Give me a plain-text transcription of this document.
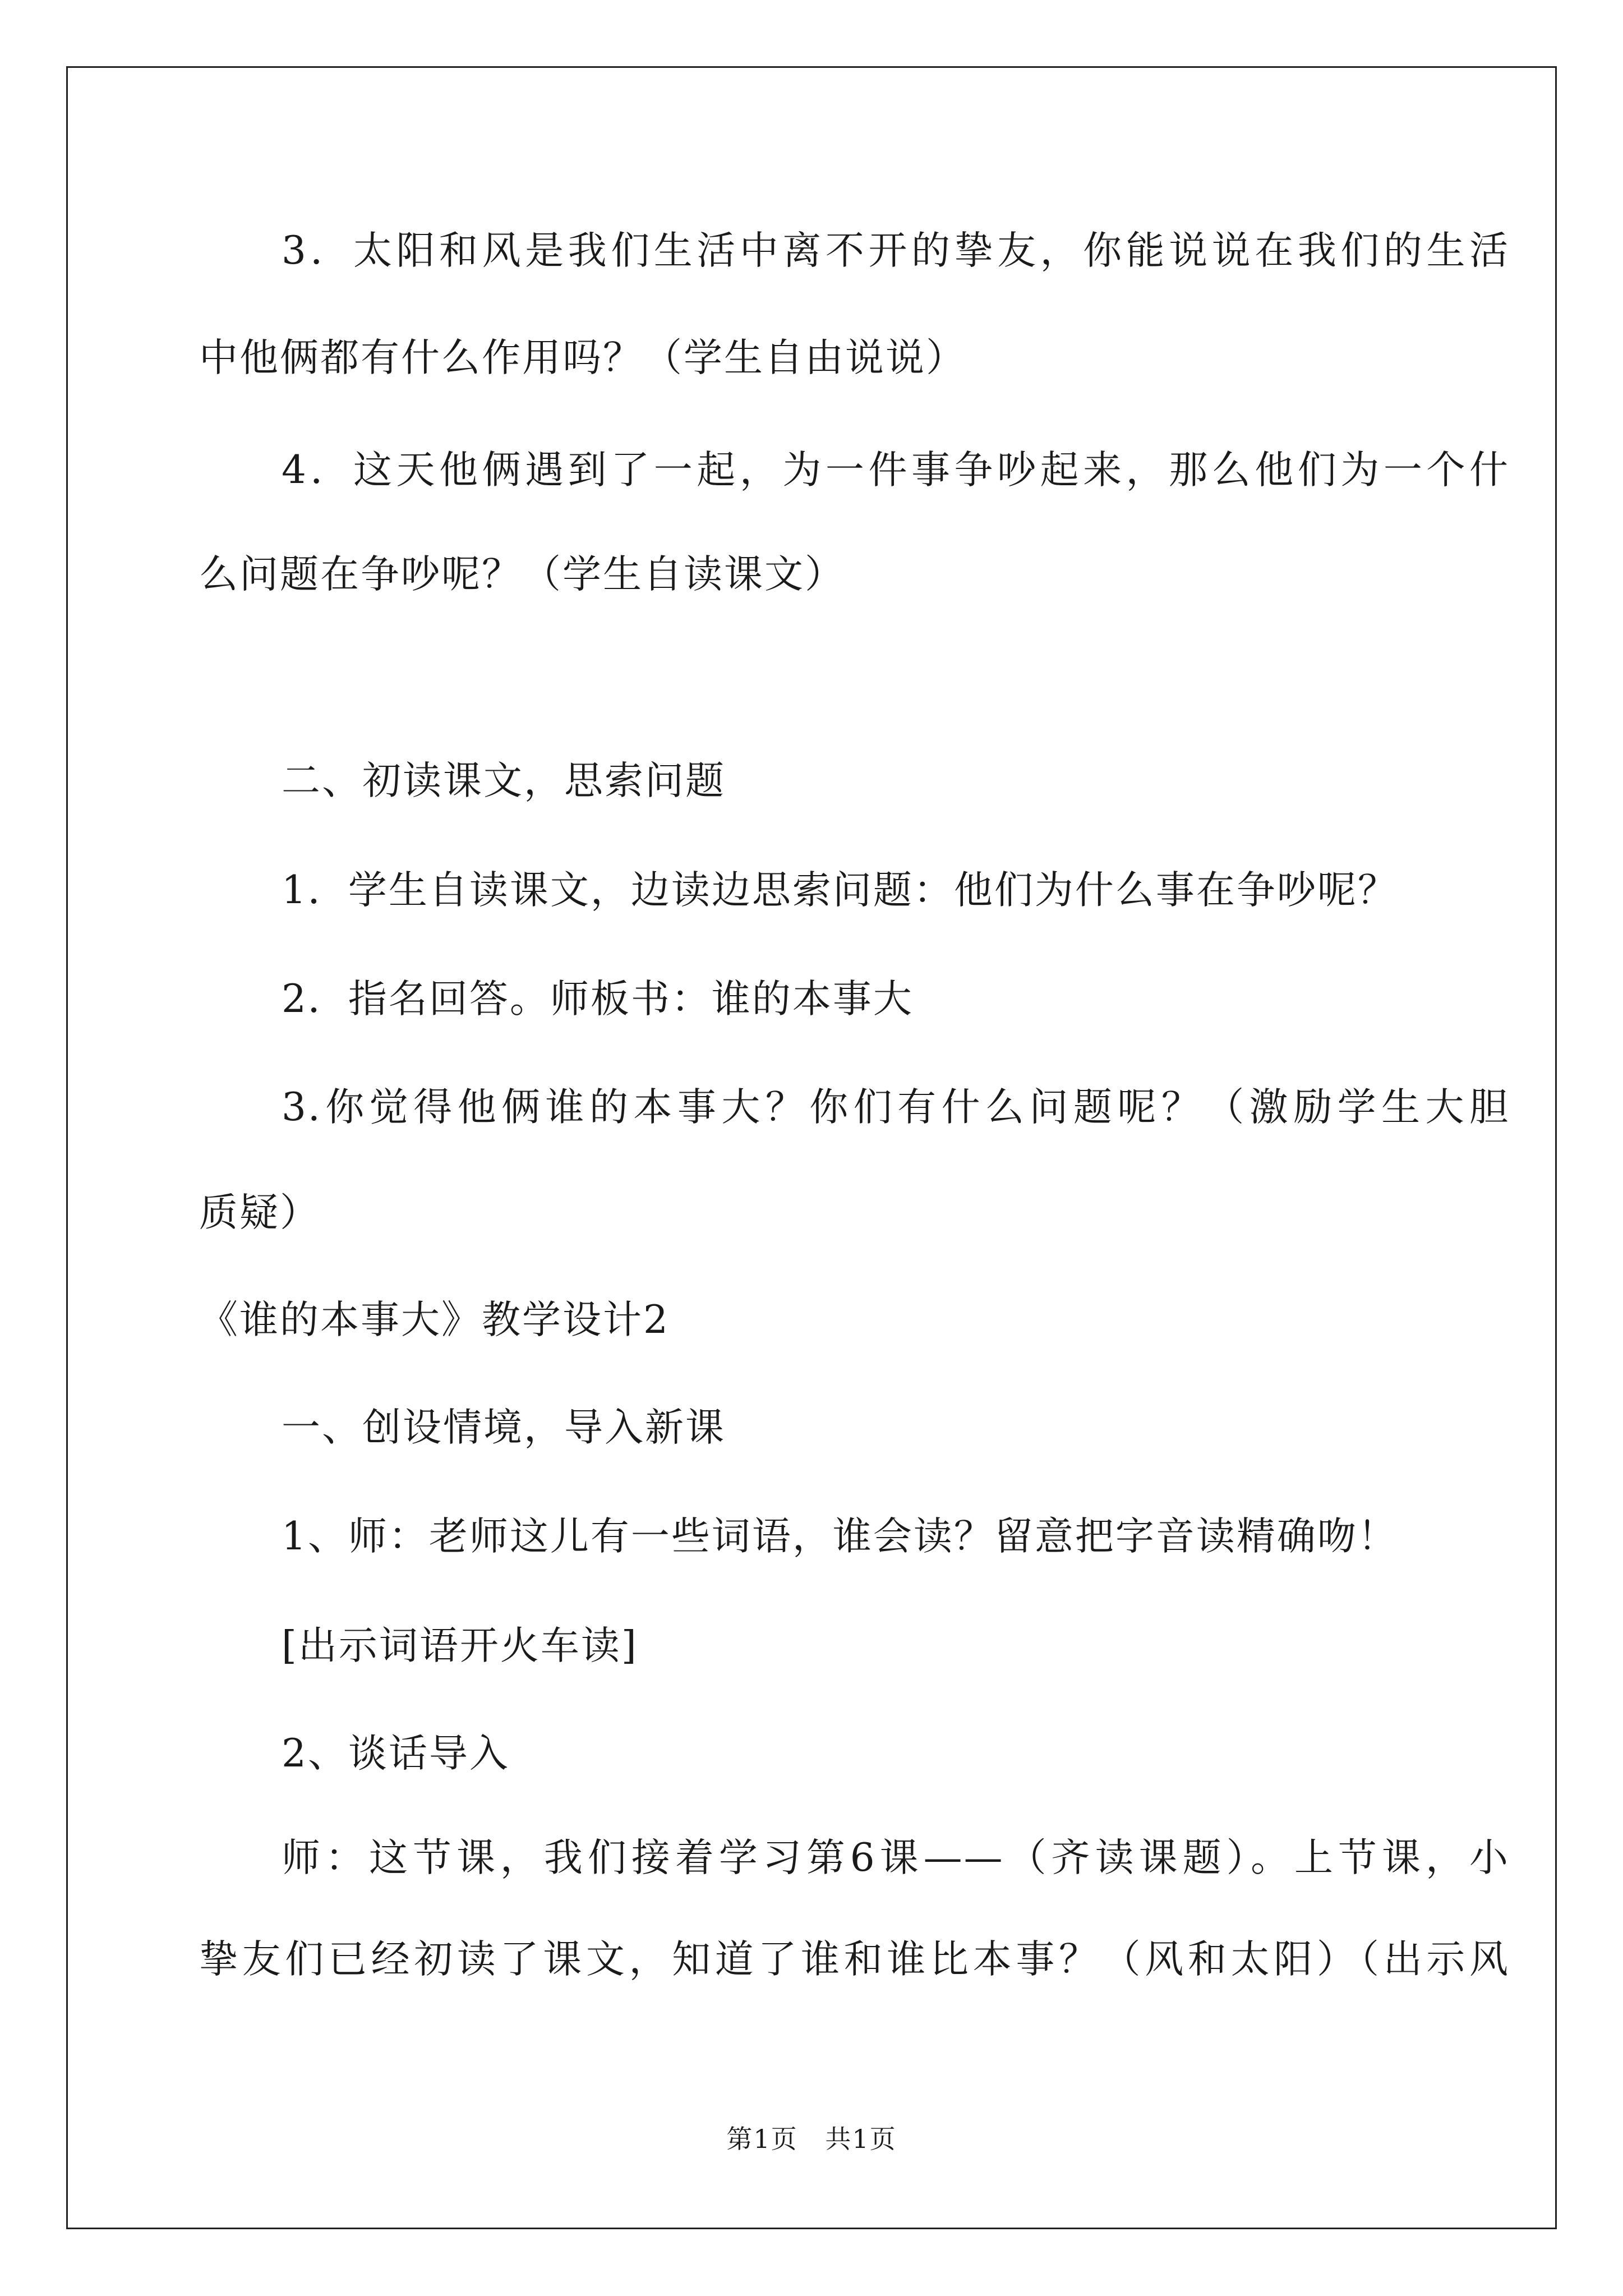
3．太阳和风是我们生活中离不开的挚友，你能说说在我们的生活
中他俩都有什么作用吗？（学生自由说说）
4．这天他俩遇到了一起，为一件事争吵起来，那么他们为一个什
么问题在争吵呢？（学生自读课文）
二、初读课文，思索问题
1．学生自读课文，边读边思索问题：他们为什么事在争吵呢？
2．指名回答。师板书：谁的本事大
3.你觉得他俩谁的本事大？你们有什么问题呢？（激励学生大胆
质疑）
《谁的本事大》教学设计2
一、创设情境，导入新课
1、师：老师这儿有一些词语，谁会读？留意把字音读精确吻！
[出示词语开火车读]
2、谈话导入
师：这节课，我们接着学习第6课——（齐读课题）。上节课，小
挚友们已经初读了课文，知道了谁和谁比本事？（风和太阳）（出示风
第1页 共1页
